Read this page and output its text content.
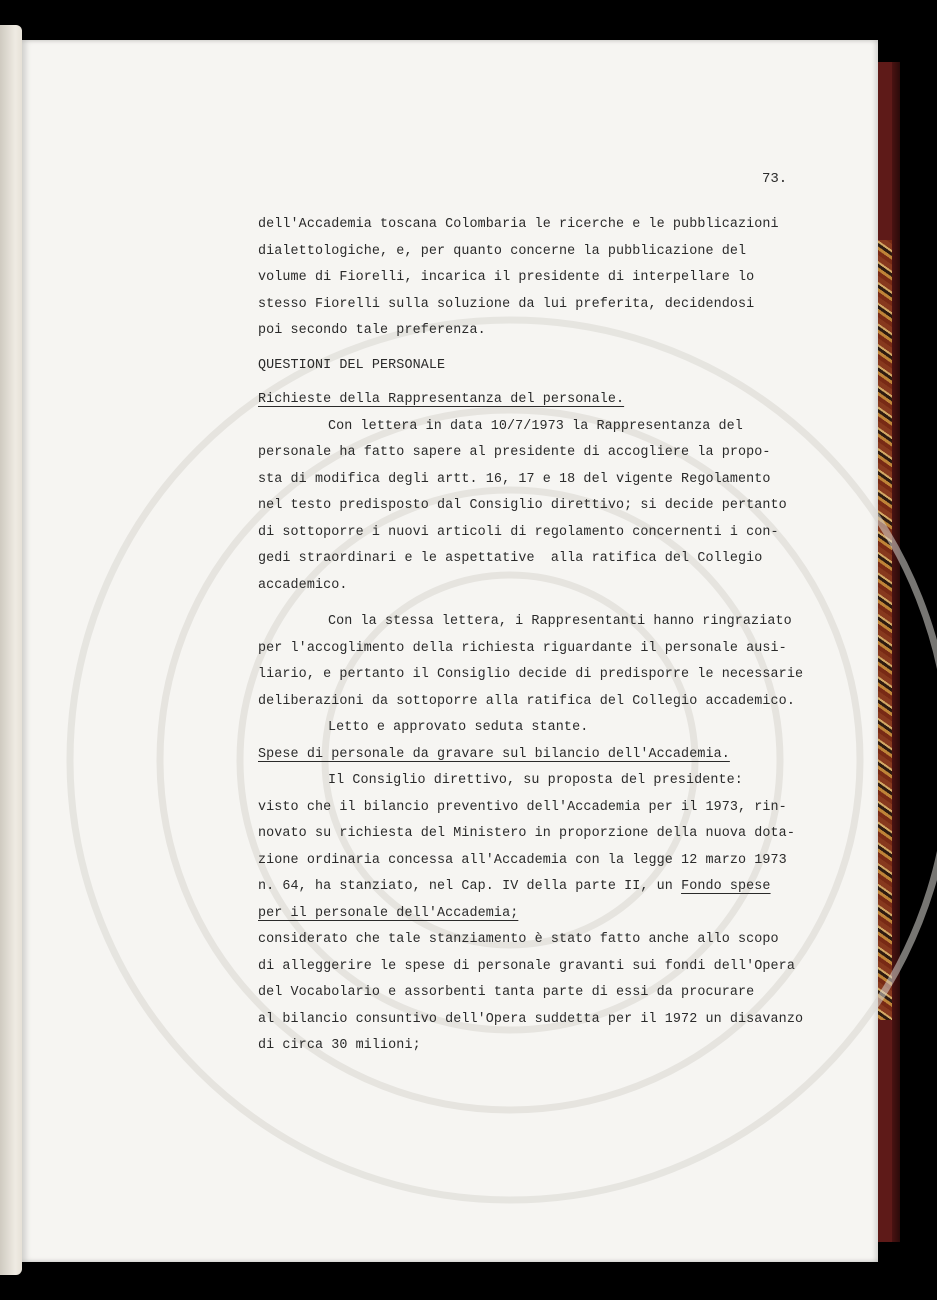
73.
dell'Accademia toscana Colombaria le ricerche e le pubblicazioni
dialettologiche, e, per quanto concerne la pubblicazione del
volume di Fiorelli, incarica il presidente di interpellare lo
stesso Fiorelli sulla soluzione da lui preferita, decidendosi
poi secondo tale preferenza.
QUESTIONI DEL PERSONALE
Richieste della Rappresentanza del personale.
Con lettera in data 10/7/1973 la Rappresentanza del
personale ha fatto sapere al presidente di accogliere la propo-
sta di modifica degli artt. 16, 17 e 18 del vigente Regolamento
nel testo predisposto dal Consiglio direttivo; si decide pertanto
di sottoporre i nuovi articoli di regolamento concernenti i con-
gedi straordinari e le aspettative  alla ratifica del Collegio
accademico.
Con la stessa lettera, i Rappresentanti hanno ringraziato
per l'accoglimento della richiesta riguardante il personale ausi-
liario, e pertanto il Consiglio decide di predisporre le necessarie
deliberazioni da sottoporre alla ratifica del Collegio accademico.
Letto e approvato seduta stante.
Spese di personale da gravare sul bilancio dell'Accademia.
Il Consiglio direttivo, su proposta del presidente:
visto che il bilancio preventivo dell'Accademia per il 1973, rin-
novato su richiesta del Ministero in proporzione della nuova dota-
zione ordinaria concessa all'Accademia con la legge 12 marzo 1973
n. 64, ha stanziato, nel Cap. IV della parte II, un Fondo spese
per il personale dell'Accademia;
considerato che tale stanziamento è stato fatto anche allo scopo
di alleggerire le spese di personale gravanti sui fondi dell'Opera
del Vocabolario e assorbenti tanta parte di essi da procurare
al bilancio consuntivo dell'Opera suddetta per il 1972 un disavanzo
di circa 30 milioni;
